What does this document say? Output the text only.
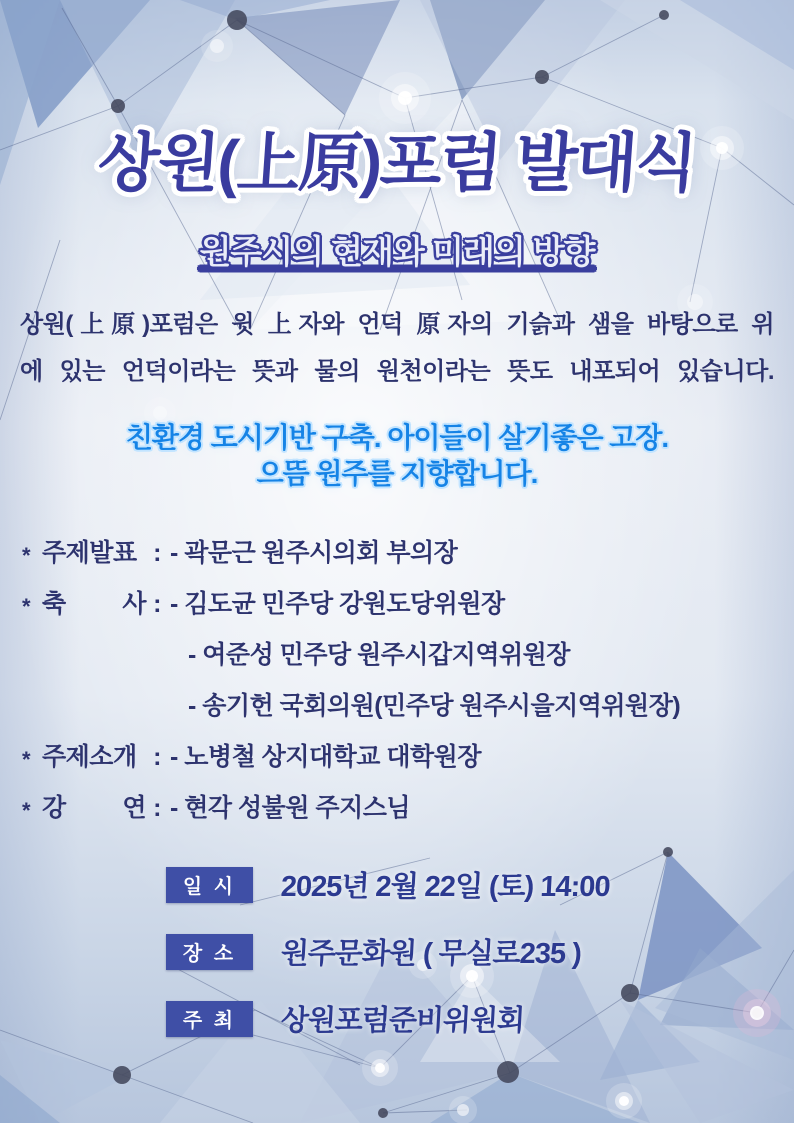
상원(上原)포럼 발대식
원주시의 현재와 미래의 방향
상원(上原)포럼은 윗 上자와 언덕 原자의 기슭과 샘을 바탕으로 위
에 있는 언덕이라는 뜻과 물의 원천이라는 뜻도 내포되어 있습니다.
친환경 도시기반 구축. 아이들이 살기좋은 고장.
으뜸 원주를 지향합니다.
* 주제발표 : - 곽문근 원주시의회 부의장
* 축 사 : - 김도균 민주당 강원도당위원장
- 여준성 민주당 원주시갑지역위원장
- 송기헌 국회의원(민주당 원주시을지역위원장)
* 주제소개 : - 노병철 상지대학교 대학원장
* 강 연 : - 현각 성불원 주지스님
일 시	2025년 2월 22일 (토) 14:00
장 소	원주문화원 ( 무실로235 )
주 최	상원포럼준비위원회
